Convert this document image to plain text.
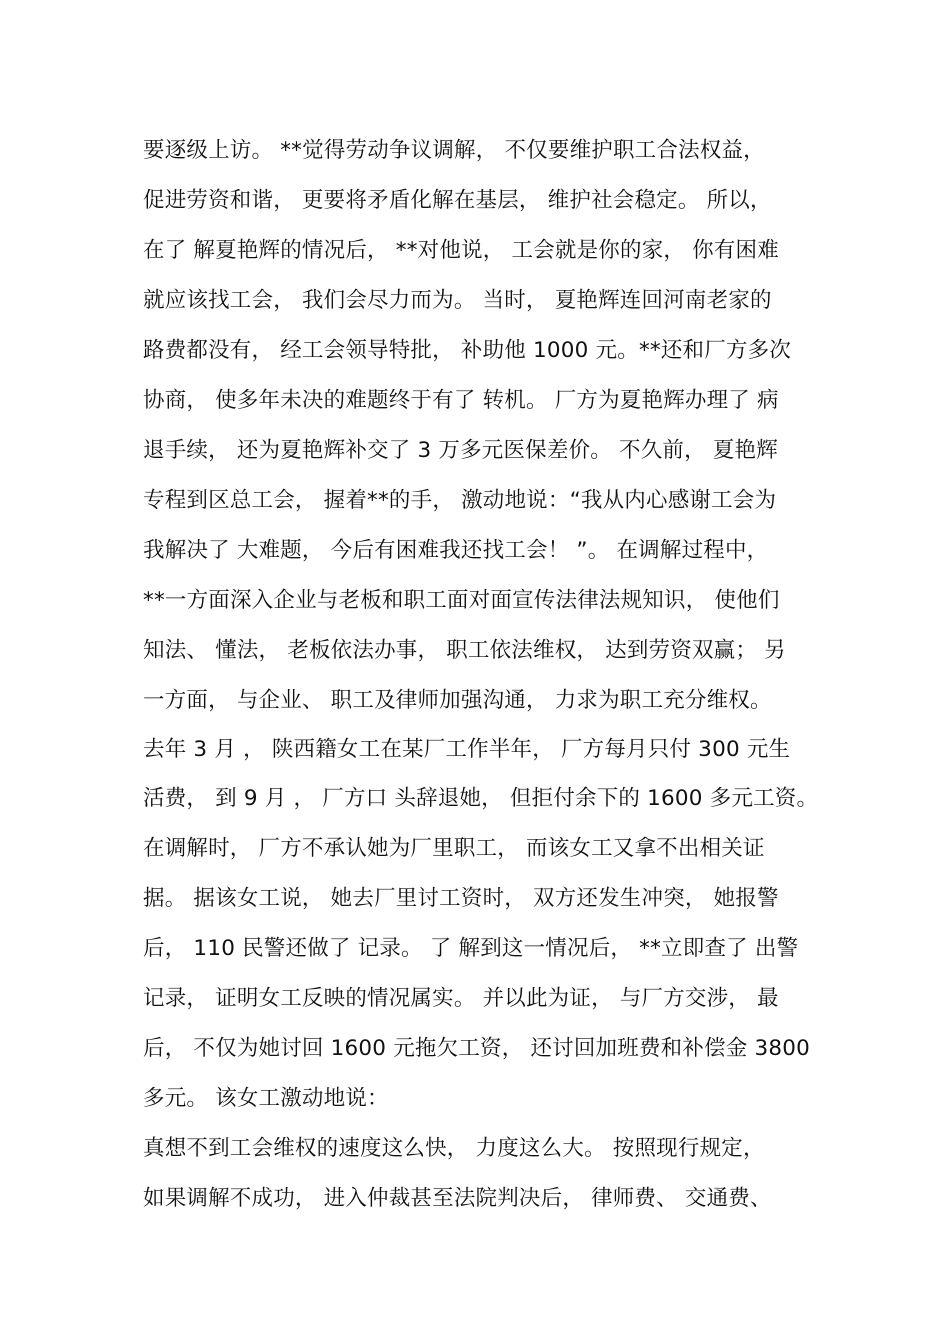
要逐级上访。 **觉得劳动争议调解， 不仅要维护职工合法权益，
促进劳资和谐， 更要将矛盾化解在基层， 维护社会稳定。 所以，
在了 解夏艳辉的情况后， **对他说， 工会就是你的家， 你有困难
就应该找工会， 我们会尽力而为。 当时， 夏艳辉连回河南老家的
路费都没有， 经工会领导特批， 补助他 1000 元。**还和厂方多次
协商， 使多年未决的难题终于有了 转机。 厂方为夏艳辉办理了 病
退手续， 还为夏艳辉补交了 3 万多元医保差价。 不久前， 夏艳辉
专程到区总工会， 握着**的手， 激动地说：“我从内心感谢工会为
我解决了 大难题， 今后有困难我还找工会！ ”。 在调解过程中，
**一方面深入企业与老板和职工面对面宣传法律法规知识， 使他们
知法、 懂法， 老板依法办事， 职工依法维权， 达到劳资双赢； 另
一方面， 与企业、 职工及律师加强沟通， 力求为职工充分维权。
去年 3 月 ， 陕西籍女工在某厂工作半年， 厂方每月只付 300 元生
活费， 到 9 月 ， 厂方口 头辞退她， 但拒付余下的 1600 多元工资。
在调解时， 厂方不承认她为厂里职工， 而该女工又拿不出相关证
据。 据该女工说， 她去厂里讨工资时， 双方还发生冲突， 她报警
后， 110 民警还做了 记录。 了 解到这一情况后， **立即查了 出警
记录， 证明女工反映的情况属实。 并以此为证， 与厂方交涉， 最
后， 不仅为她讨回 1600 元拖欠工资， 还讨回加班费和补偿金 3800
多元。 该女工激动地说：
真想不到工会维权的速度这么快， 力度这么大。 按照现行规定，
如果调解不成功， 进入仲裁甚至法院判决后， 律师费、 交通费、
